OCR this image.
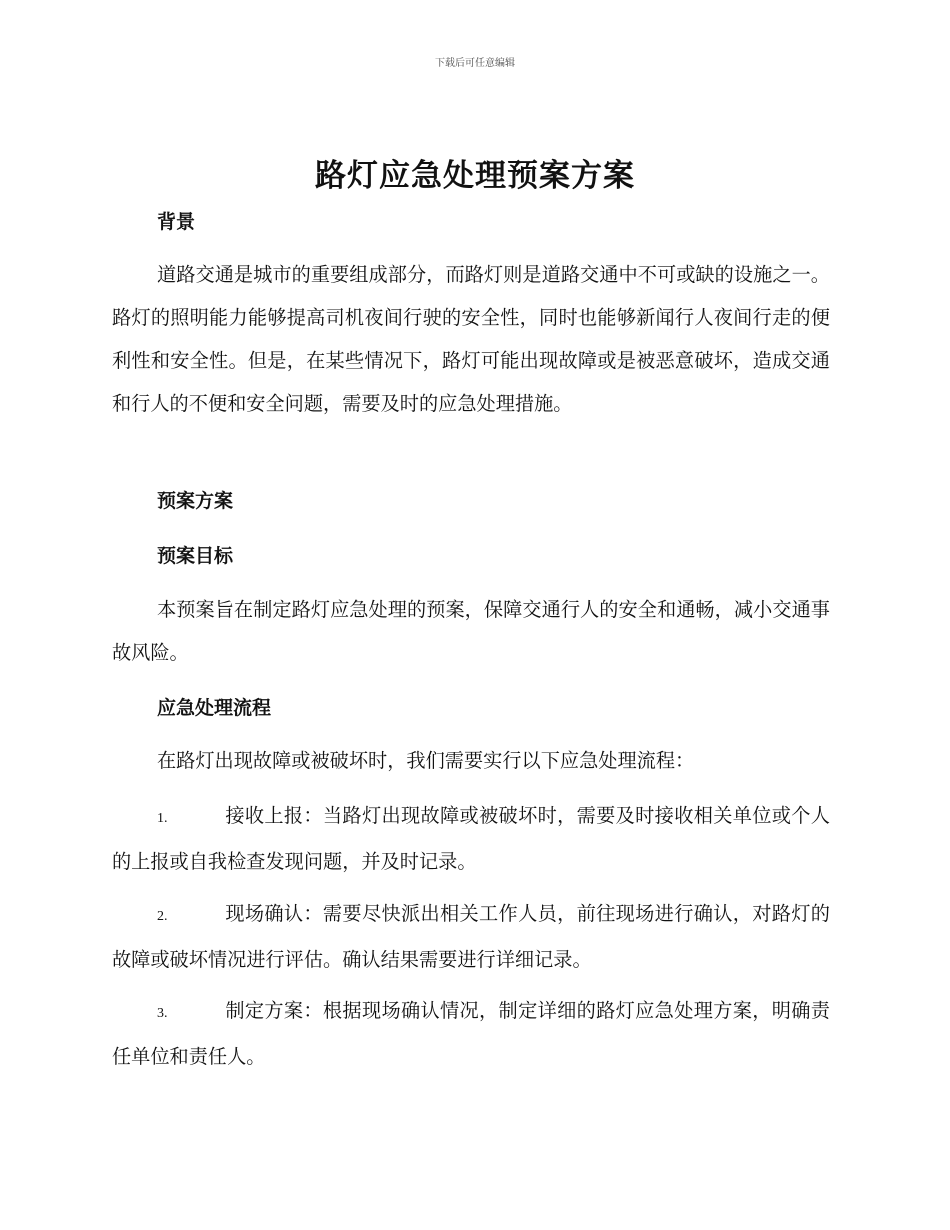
下载后可任意编辑
路灯应急处理预案方案
背景

道路交通是城市的重要组成部分，而路灯则是道路交通中不可或缺的设施之一。路灯的照明能力能够提高司机夜间行驶的安全性，同时也能够新闻行人夜间行走的便利性和安全性。但是，在某些情况下，路灯可能出现故障或是被恶意破坏，造成交通和行人的不便和安全问题，需要及时的应急处理措施。

预案方案
预案目标

本预案旨在制定路灯应急处理的预案，保障交通行人的安全和通畅，减小交通事故风险。

应急处理流程

在路灯出现故障或被破坏时，我们需要实行以下应急处理流程：

1.	接收上报：当路灯出现故障或被破坏时，需要及时接收相关单位或个人的上报或自我检查发现问题，并及时记录。

2.	现场确认：需要尽快派出相关工作人员，前往现场进行确认，对路灯的故障或破坏情况进行评估。确认结果需要进行详细记录。

3.	制定方案：根据现场确认情况，制定详细的路灯应急处理方案，明确责任单位和责任人。
